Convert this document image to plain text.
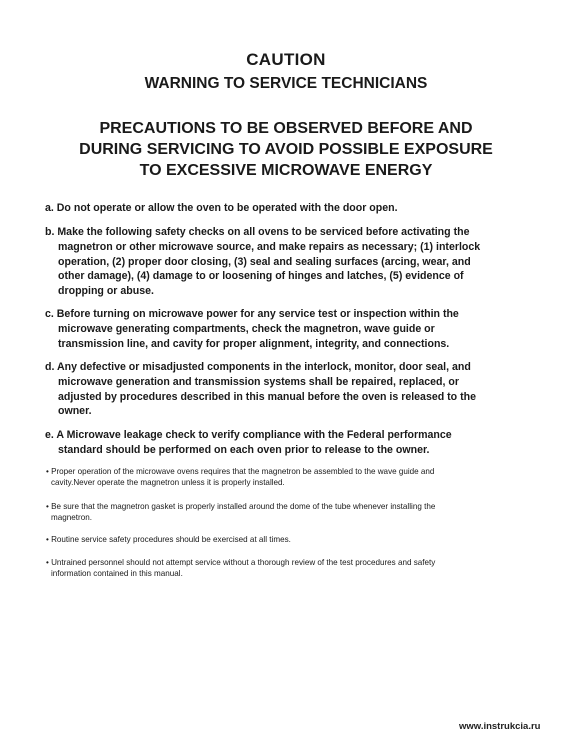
CAUTION
WARNING TO SERVICE TECHNICIANS
PRECAUTIONS TO BE OBSERVED BEFORE AND
DURING SERVICING TO AVOID POSSIBLE EXPOSURE
TO EXCESSIVE MICROWAVE ENERGY
a. Do not operate or allow the oven to be operated with the door open.
b. Make the following safety checks on all ovens to be serviced before activating the
magnetron or other microwave source, and make repairs as necessary; (1) interlock
operation, (2) proper door closing, (3) seal and sealing surfaces (arcing, wear, and
other damage), (4) damage to or loosening of hinges and latches, (5) evidence of
dropping or abuse.
c. Before turning on microwave power for any service test or inspection within the
microwave generating compartments, check the magnetron, wave guide or
transmission line, and cavity for proper alignment, integrity, and connections.
d. Any defective or misadjusted components in the interlock, monitor, door seal, and
microwave generation and transmission systems shall be repaired, replaced, or
adjusted by procedures described in this manual before the oven is released to the
owner.
e. A Microwave leakage check to verify compliance with the Federal performance
standard should be performed on each oven prior to release to the owner.
• Proper operation of the microwave ovens requires that the magnetron be assembled to the wave guide and
cavity.Never operate the magnetron unless it is properly installed.
• Be sure that the magnetron gasket is properly installed around the dome of the tube whenever installing the
magnetron.
• Routine service safety procedures should be exercised at all times.
• Untrained personnel should not attempt service without a thorough review of the test procedures and safety
information contained in this manual.
www.instrukcia.ru
